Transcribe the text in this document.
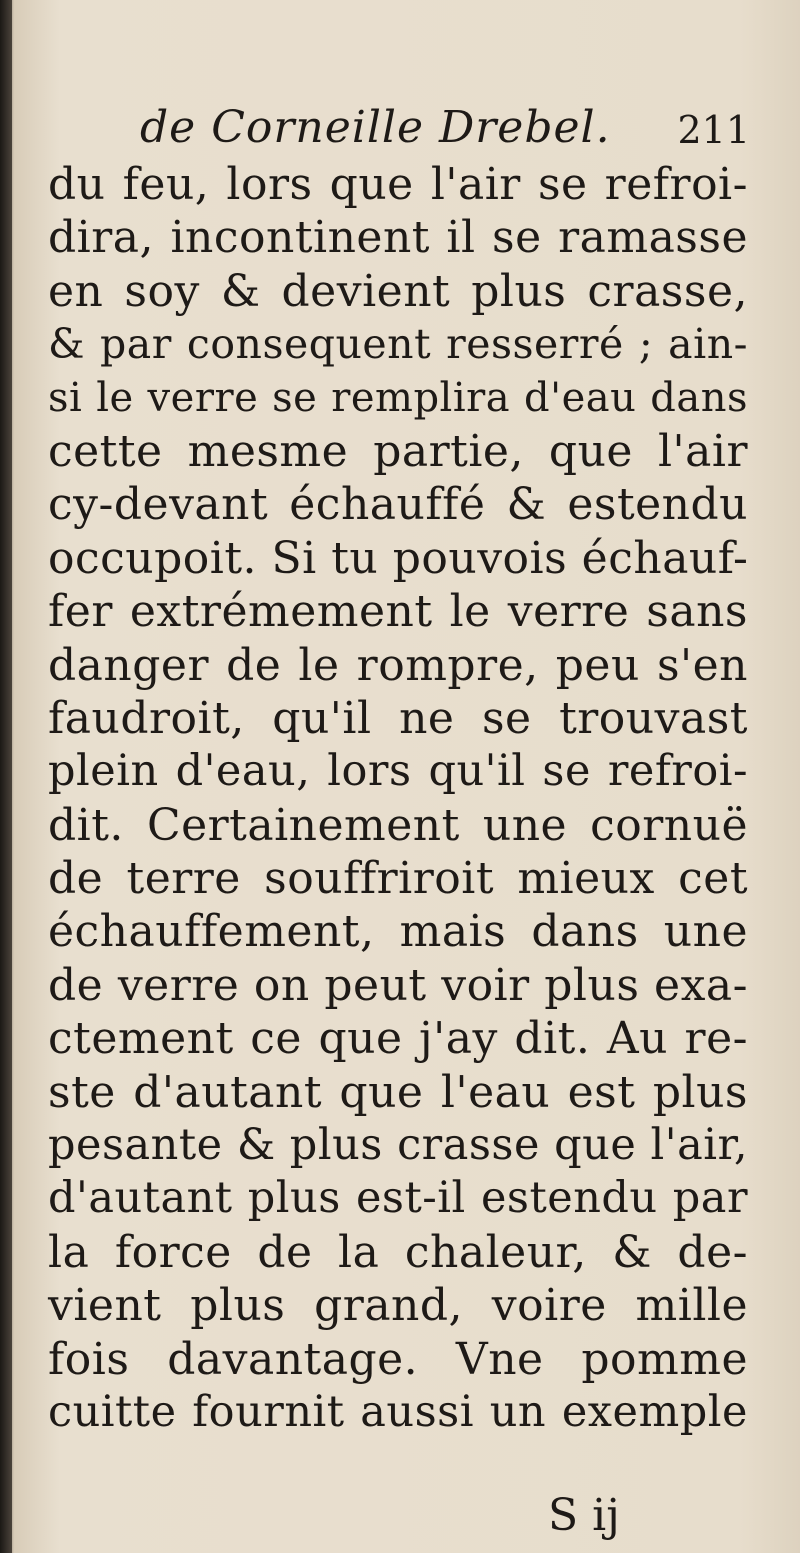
de Corneille Drebel. 211
du feu, lors que l'air se refroi-
dira, incontinent il se ramasse
en soy & devient plus crasse,
& par consequent resserré ; ain-
si le verre se remplira d'eau dans
cette mesme partie, que l'air
cy-devant échauffé & estendu
occupoit. Si tu pouvois échauf-
fer extrémement le verre sans
danger de le rompre, peu s'en
faudroit, qu'il ne se trouvast
plein d'eau, lors qu'il se refroi-
dit. Certainement une cornuë
de terre souffriroit mieux cet
échauffement, mais dans une
de verre on peut voir plus exa-
ctement ce que j'ay dit. Au re-
ste d'autant que l'eau est plus
pesante & plus crasse que l'air,
d'autant plus est-il estendu par
la force de la chaleur, & de-
vient plus grand, voire mille
fois davantage. Vne pomme
cuitte fournit aussi un exemple
S ij
